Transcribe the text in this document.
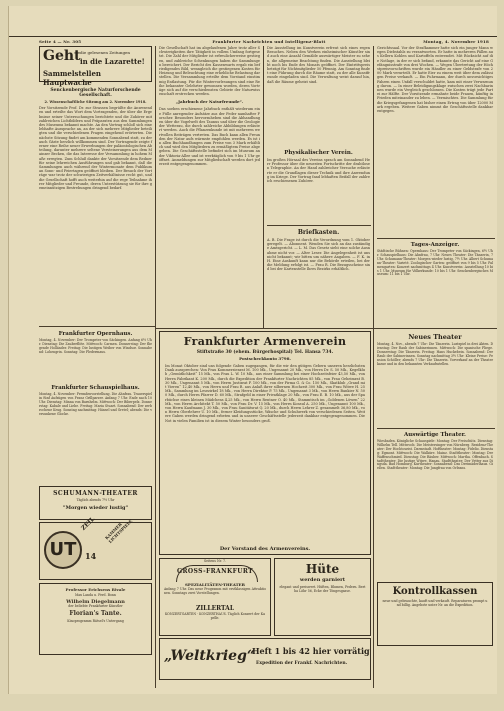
Seite 4 — Nr. 305	Frankfurter Nachrichten und Intelligenz-Blatt	Montag, 4. November 1918
Geht die gelesenen Zeitungen
in die Lazarette!
Sammelstellen Hauptwache
Senckenbergische Naturforschende Gesellschaft.
2. Wissenschaftliche Sitzung am 2. November 1918.

Der Vorsitzende Prof. Dr. zur Strassen begrüßte die Anwesenden und erteilte das Wort dem Vortragenden, der über die Ergebnisse seiner Untersuchungen berichtete und die Zuhörer mit zahlreichen Lichtbildern und Präparaten aus den Sammlungen des Museums bekannt machte. An den Vortrag schloß sich eine lebhafte Aussprache an, an der sich mehrere Mitglieder beteiligten und die verschiedenen Fragen eingehend erörterten. Die nächste Sitzung findet am kommenden Sonnabend statt, zu der auch Gäste herzlich willkommen sind. Der Vortragende zeigte ferner eine Reihe neuer Erwerbungen der paläontologischen Abteilung, darunter mehrere seltene Versteinerungen aus dem Mainzer Becken, die das Interesse der Versammlung in hohem Maße erregten. Zum Schluß dankte der Vorsitzende dem Redner für seine lehrreichen Ausführungen und gab bekannt, daß die Sammlungen auch während der Wintermonate dem Publikum an Sonn- und Feiertagen geöffnet bleiben. Der Besuch der Vorträge war trotz der schwierigen Zeitverhältnisse recht gut, und die Gesellschaft hofft auch weiterhin auf die rege Teilnahme ihrer Mitglieder und Freunde, deren Unterstützung sie für ihre gemeinnützigen Bestrebungen dringend bedarf.

Frankfurter Opernhaus.

Montag, 4. November: Der Trompeter von Säckingen. Anfang 6½ Uhr. Dienstag: Die Zauberflöte. Mittwoch: Carmen. Donnerstag: Der fliegende Holländer. Freitag: Die lustigen Weiber von Windsor. Sonnabend: Lohengrin. Sonntag: Die Fledermaus.

Frankfurter Schauspielhaus.

Montag, 4. November: Fremdenvorstellung. Die Ahnfrau. Trauerspiel in fünf Aufzügen von Franz Grillparzer. Anfang 7 Uhr. Ende nach 10 Uhr. Dienstag: Minna von Barnhelm. Mittwoch: Der Biberpelz. Donnerstag: Kabale und Liebe. Freitag: Maria Stuart. Sonnabend: Der zerbrochene Krug. Sonntag nachmittag: Hänsel und Gretel; abends: Die versunkene Glocke.

SCHUMANN-THEATER
Täglich abends 7½ Uhr
"Morgen wieder lustig"
UT
ZEIL
14
KAMMER LICHTSPIELE
Professor Erichsens Rivale
Max Landa u. Ferd. Bonn
Wilhelm Diegelmann
der beliebte Frankfurter Künstler
Florian's Tante.
Kinoprogramm Rätsel's Untergang

Die Gesellschaft hat im abgelaufenen Jahre trotz aller Schwierigkeiten ihre Tätigkeit in vollem Umfang fortgesetzt. Die Zahl der Mitglieder ist erfreulicherweise gestiegen, und zahlreiche Schenkungen haben die Sammlungen bereichert. Der Bericht des Kassenwarts ergab ein befriedigendes Bild, wenngleich die gestiegenen Kosten für Heizung und Beleuchtung eine erhebliche Belastung darstellen. Die Versammlung erteilte dem Vorstand einstimmig Entlastung. Für die Wintervorlesungen sind eine Reihe bekannter Gelehrter gewonnen worden, deren Vorträge sich auf die verschiedensten Gebiete der Naturwissenschaft erstrecken werden.

„Jahrbuch der Naturfreunde“.

Das soeben erschienene Jahrbuch enthält wiederum eine Fülle anregender Aufsätze aus der Feder namhafter Forscher. Besonders hervorzuheben sind die Abhandlungen über die Vogelwelt des Taunus und über die Geologie der Wetterau, die durch zahlreiche Abbildungen erläutert werden. Auch die Pflanzenkunde ist mit mehreren wertvollen Beiträgen vertreten. Das Buch kann allen Freunden der Natur aufs wärmste empfohlen werden. Es ist in allen Buchhandlungen zum Preise von 3 Mark erhältlich und wird den Mitgliedern zu ermäßigtem Preise abgegeben. Die Geschäftsstelle befindet sich im Museum an der Viktoria-Allee und ist werktäglich von 9 bis 1 Uhr geöffnet. Anmeldungen zur Mitgliedschaft werden dort jederzeit entgegengenommen.

Die Ausstellung im Kunstverein erfreut sich eines regen Besuches. Neben den Werken einheimischer Künstler sind auch eine Anzahl Gemälde auswärtiger Meister zu sehen, die allgemeine Beachtung finden. Die Ausstellung bleibt noch bis Ende des Monats geöffnet. Der Eintrittspreis beträgt für Nichtmitglieder 50 Pfennig. Am Sonntag findet eine Führung durch die Räume statt, zu der alle Kunstfreunde eingeladen sind. Die Verwaltung weist darauf hin, daß die Räume geheizt sind.

Physikalischer Verein.

Im großen Hörsaal des Vereins sprach am Sonnabend Herr Professor über die neuesten Fortschritte der drahtlosen Telegraphie. An der Hand zahlreicher Versuche erläuterte er die Grundlagen dieser Technik und ihre Anwendung im Kriege. Der Vortrag fand lebhaften Beifall der zahlreich erschienenen Zuhörer.

Briefkasten.

A. B. Die Frage ist durch die Verordnung vom 1. Oktober geregelt. — Abonnent. Wenden Sie sich an das zuständige Amtsgericht. — L. M. Das Gesetz sieht eine solche Ausnahme nicht vor. — Alter Leser. Die Angelegenheit ist uns nicht bekannt; wir bitten um nähere Angaben. — F. K. in H. Eine Auskunft kann nur die Behörde erteilen, bei der die Meldung erfolgt ist. — Frau R. Die Bezugsscheine sind bei der Kartenstelle Ihres Bezirks erhältlich.

Gerichtssaal. Vor der Strafkammer hatte sich ein junger Mann wegen Diebstahls zu verantworten. Er hatte in mehreren Fällen aus Kellern Kohlen und Kartoffeln entwendet. Mit Rücksicht auf die Notlage, in der er sich befand, erkannte das Gericht auf eine Gefängnisstrafe von drei Wochen. — Wegen Übertretung der Höchstpreisvorschriften wurde ein Händler zu einer Geldstrafe von 200 Mark verurteilt. Er hatte Eier zu einem weit über dem zulässigen Preise verkauft. — Ein Fuhrmann, der durch unvorsichtiges Fahren einen Unfall verschuldet hatte, kam mit einer Verwarnung davon. — In einer Beleidigungsklage zwischen zwei Nachbarinnen wurde ein Vergleich geschlossen. Die Kosten trägt jede Partei zur Hälfte. Der Vorsitzende ermahnte beide Frauen, künftig in Frieden miteinander zu leben. — Vermischtes. Die Sammlung für die Kriegsgefangenen hat bisher einen Ertrag von über 12000 Mark ergeben. Weitere Gaben nimmt die Geschäftsstelle dankbar entgegen.

Tages-Anzeiger.

Städtische Bühnen: Opernhaus: Der Trompeter von Säckingen, 6½ Uhr. Schauspielhaus: Die Ahnfrau, 7 Uhr. Neues Theater: Die Tänzerin, 7 Uhr. Schumann-Theater: Morgen wieder lustig, 7½ Uhr. Albert Schumann-Theater: Varieté. Zoologischer Garten: geöffnet von 9 bis 5 Uhr. Palmengarten: Konzert nachmittags 4 Uhr. Kunstverein: Ausstellung 10 bis 1 Uhr. Museum für Völkerkunde: 10 bis 1 Uhr. Senckenbergisches Museum: 11 bis 1 Uhr.

Frankfurter Armenverein
Stiftstraße 30 (ehem. Bürgerhospital) Tel. Hansa 734.
Postscheckkonto 3798.

Im Monat Oktober sind uns folgende Gaben zugegangen, für die wir den gütigen Gebern unseren herzlichsten Dank aussprechen: Von Frau Kommerzienrat M. 100 Mk., Ungenannt 20 Mk., von Herrn Dr. S. 50 Mk., Kegelklub „Gemütlichkeit“ 15 Mk., von Frau L. W. 10 Mk., aus einer Sammlung bei einer Hochzeitsfeier 43,50 Mk., von Herrn Fabrikant K. 200 Mk., durch die Expedition der Frankfurter Nachrichten 85 Mk., von Frau Geheimrat B. 30 Mk., Ungenannt 5 Mk., von Herrn Justizrat F. 100 Mk., von der Firma G. & Co. 150 Mk., Skatklub „Grand mit Vieren“ 12,40 Mk., von Herrn und Frau R. aus Anlaß ihrer silbernen Hochzeit 300 Mk., von Frau Witwe H. 25 Mk., Sammlung im Lesezirkel 18 Mk., von Herrn Direktor P. 75 Mk., Ungenannt 3 Mk., von Herrn Bankier N. 500 Mk., durch Herrn Pfarrer D. 60 Mk., Strafgeld in einer Privatklage 20 Mk., von Frau E. B. 10 Mk., aus der Sparbüchse eines kleinen Mädchens 4,25 Mk., von Herrn Rentner O. 40 Mk., Stammtisch im „Goldenen Löwen“ 22 Mk., von Herrn Architekt T. 50 Mk., von Frau Dr. V. 15 Mk., von Herrn Konsul A. 250 Mk., Ungenannt 100 Mk., von Herrn Kaufmann J. 30 Mk., von Frau Sanitätsrat Q. 20 Mk., durch Herrn Lehrer Z. gesammelt 36,80 Mk., von Herrn Oberlehrer U. 10 Mk., ferner Kleidungsstücke, Wäsche und Schuhwerk von verschiedenen Seiten. Weitere Gaben werden dringend erbeten und in unserer Geschäftsstelle jederzeit dankbar entgegengenommen. Die Not in vielen Familien ist in diesem Winter besonders groß.

Der Vorstand des Armenvereins.
Seitens Nr. 7.
GROSS-FRANKFURT
SPEZIALITÄTEN-THEATER

Anfang 7 Uhr. Das neue Programm mit erstklassigen Attraktionen. Sonntags zwei Vorstellungen.

ZILLERTAL

KONZERTGARTEN · KONZERTHAUS. Täglich Konzert der Kapelle.

Hüte
werden garniert

elegant und preiswert. Hüften, Blumen, Federn. Bertha Löhr 56, Ecke der Töngesgasse.

„Weltkrieg“
Heft 1 bis 42 hier vorrätig
Expedition der Frankf. Nachrichten.
Neues Theater

Montag, 4. Nov., abends 7 Uhr: Die Tänzerin. Lustspiel in drei Akten. Dienstag: Der Raub der Sabinerinnen. Mittwoch: Die spanische Fliege. Donnerstag: Die Tänzerin. Freitag: Hans Huckebein. Sonnabend: Der Raub der Sabinerinnen. Sonntag nachmittag 3½ Uhr: Kleine Preise: Pension Schöller; abends 7 Uhr: Die Tänzerin. Vorverkauf an der Theaterkasse und in den bekannten Verkaufsstellen.

Auswärtige Theater.

Wiesbaden. Königliche Schauspiele: Montag: Der Freischütz. Dienstag: Wilhelm Tell. Mittwoch: Die Meistersinger von Nürnberg. Residenz-Theater: Der Hochtourist. Darmstadt. Hoftheater: Montag: Fidelio. Dienstag: Egmont. Mittwoch: Die Walküre. Mainz. Stadttheater: Montag: Der Waffenschmied. Dienstag: Die Räuber. Mittwoch: Martha. Offenbach. Stadttheater: Die lustige Witwe. Hanau. Stadttheater: Der Vetter aus Dingsda. Bad Homburg. Kurtheater: Sonnabend: Das Dreimäderlhaus. Gießen. Stadttheater: Montag: Die Jungfrau von Orleans.

Kontrollkassen

neue und gebrauchte, kauft und verkauft. Reparaturen prompt und billig. Angebote unter Nr. an die Expedition.
